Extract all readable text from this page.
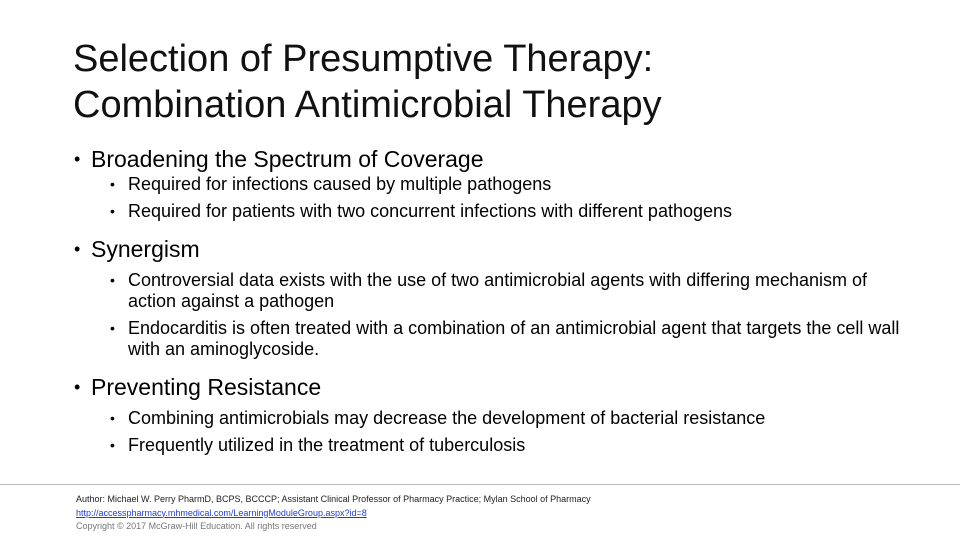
Selection of Presumptive Therapy:
Combination Antimicrobial Therapy
• Broadening the Spectrum of Coverage
• Required for infections caused by multiple pathogens
• Required for patients with two concurrent infections with different pathogens
• Synergism
• Controversial data exists with the use of two antimicrobial agents with differing mechanism of action against a pathogen
• Endocarditis is often treated with a combination of an antimicrobial agent that targets the cell wall with an aminoglycoside.
• Preventing Resistance
• Combining antimicrobials may decrease the development of bacterial resistance
• Frequently utilized in the treatment of tuberculosis
Author: Michael W. Perry PharmD, BCPS, BCCCP; Assistant Clinical Professor of Pharmacy Practice; Mylan School of Pharmacy
http://accesspharmacy.mhmedical.com/LearningModuleGroup.aspx?id=8
Copyright © 2017 McGraw-Hill Education. All rights reserved
